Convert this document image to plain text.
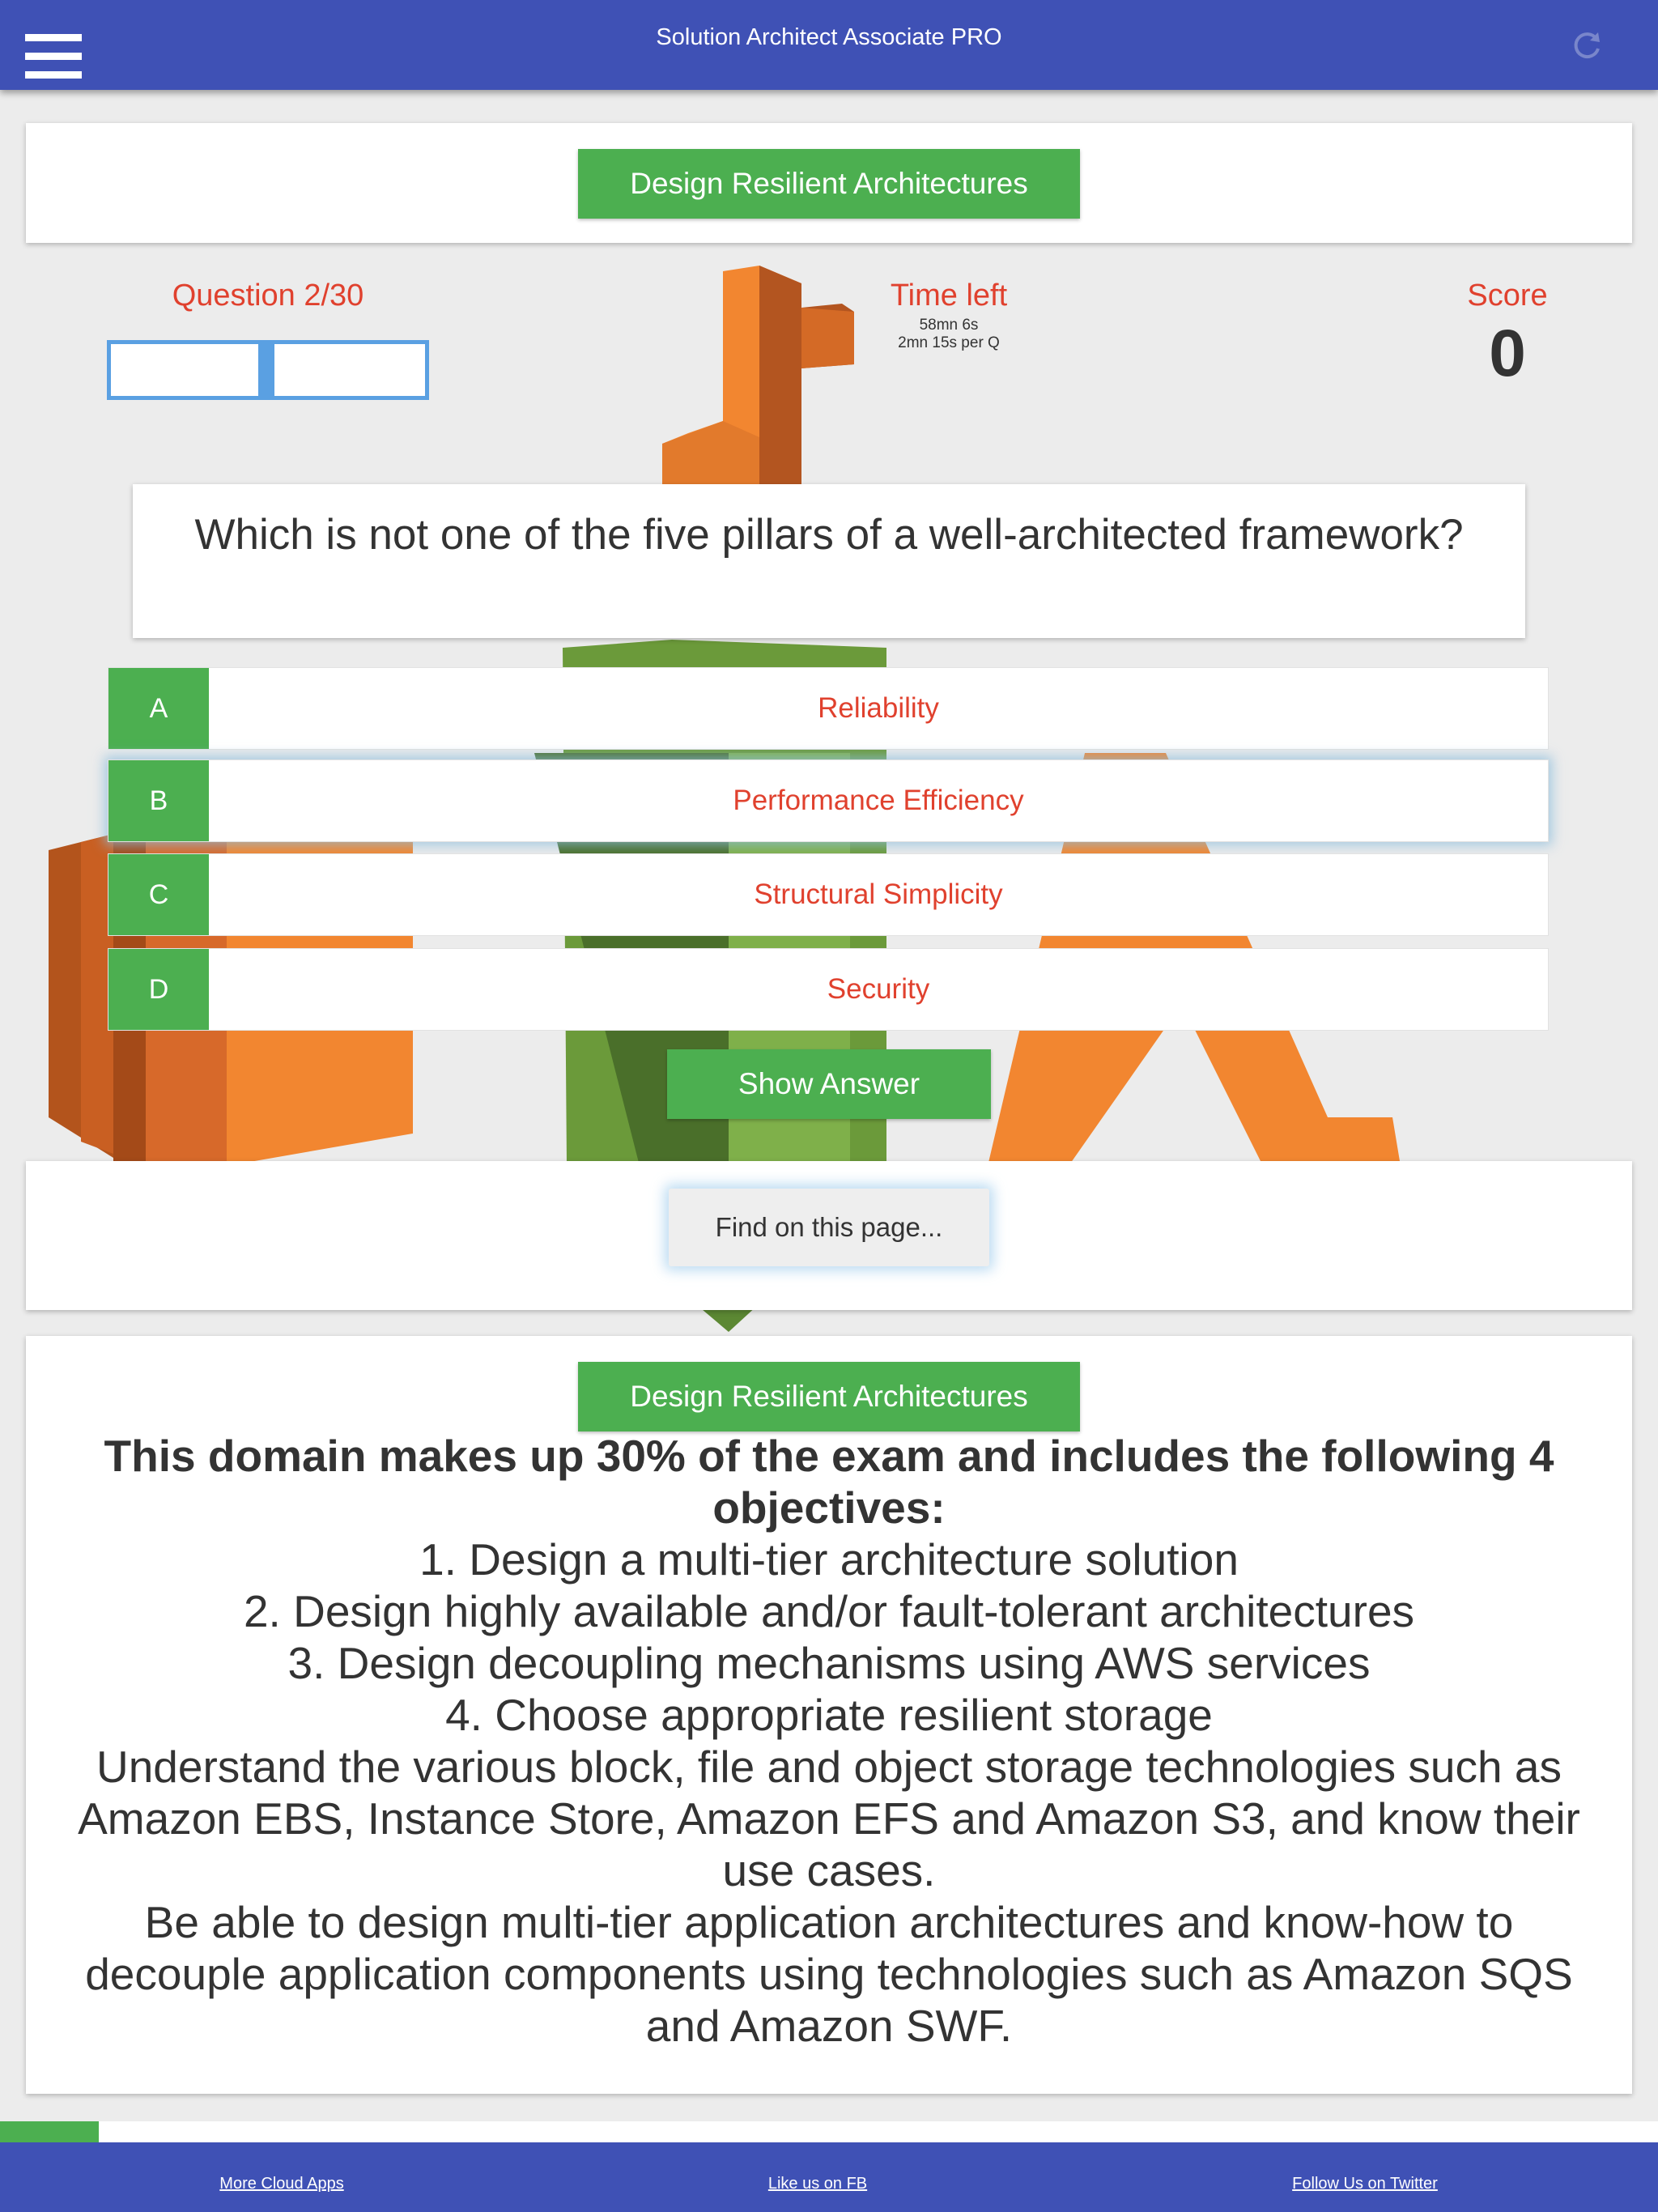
Solution Architect Associate PRO
Design Resilient Architectures
Question 2/30	Time left
58mn 6s
2mn 15s per Q
Score
0
Which is not one of the five pillars of a well-architected framework?
A	Reliability
B	Performance Efficiency
C	Structural Simplicity
D	Security
Show Answer
Find on this page...
Design Resilient Architectures
This domain makes up 30% of the exam and includes the following 4 objectives:
1. Design a multi-tier architecture solution
2. Design highly available and/or fault-tolerant architectures
3. Design decoupling mechanisms using AWS services
4. Choose appropriate resilient storage
Understand the various block, file and object storage technologies such as Amazon EBS, Instance Store, Amazon EFS and Amazon S3, and know their use cases.
Be able to design multi-tier application architectures and know-how to decouple application components using technologies such as Amazon SQS and Amazon SWF.
More Cloud Apps	Like us on FB	Follow Us on Twitter
